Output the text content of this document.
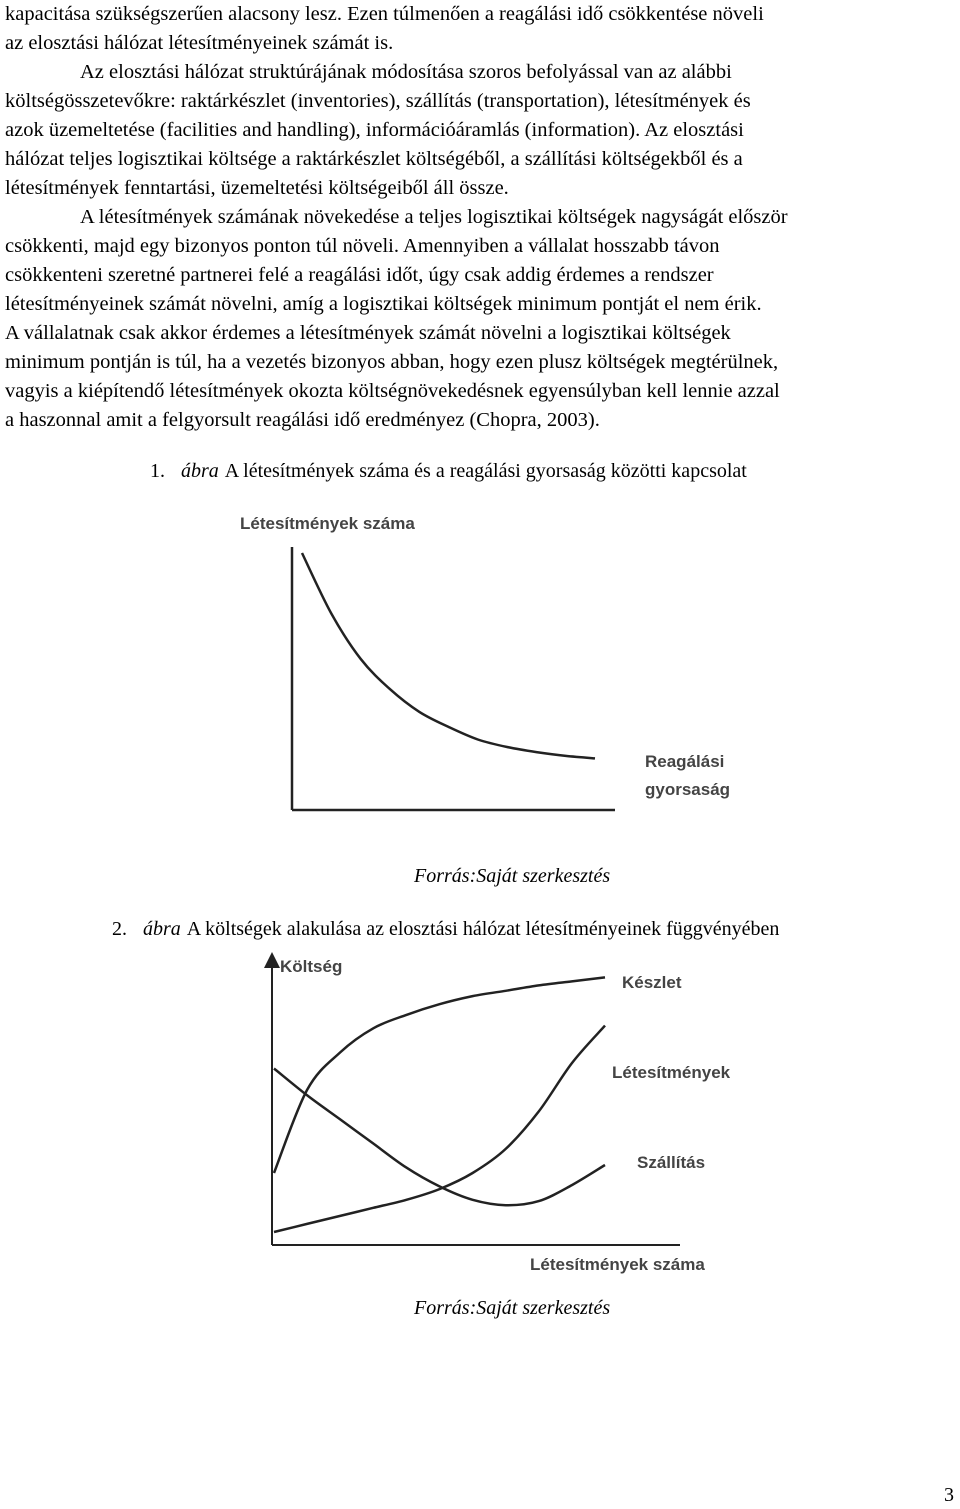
kapacitása szükségszerűen alacsony lesz. Ezen túlmenően a reagálási idő csökkentése növeli
az elosztási hálózat létesítményeinek számát is.
Az elosztási hálózat struktúrájának módosítása szoros befolyással van az alábbi
költségösszetevőkre: raktárkészlet (inventories), szállítás (transportation), létesítmények és
azok üzemeltetése (facilities and handling), információáramlás (information). Az elosztási
hálózat teljes logisztikai költsége a raktárkészlet költségéből, a szállítási költségekből és a
létesítmények fenntartási, üzemeltetési költségeiből áll össze.
A létesítmények számának növekedése a teljes logisztikai költségek nagyságát először
csökkenti, majd egy bizonyos ponton túl növeli. Amennyiben a vállalat hosszabb távon
csökkenteni szeretné partnerei felé a reagálási időt, úgy csak addig érdemes a rendszer
létesítményeinek számát növelni, amíg a logisztikai költségek minimum pontját el nem érik.
A vállalatnak csak akkor érdemes a létesítmények számát növelni a logisztikai költségek
minimum pontján is túl, ha a vezetés bizonyos abban, hogy ezen plusz költségek megtérülnek,
vagyis a kiépítendő létesítmények okozta költségnövekedésnek egyensúlyban kell lennie azzal
a haszonnal amit a felgyorsult reagálási idő eredményez (Chopra, 2003).
1. ábra A létesítmények száma és a reagálási gyorsaság közötti kapcsolat
Létesítmények száma
Reagálási
gyorsaság
Forrás:Saját szerkesztés
2. ábra A költségek alakulása az elosztási hálózat létesítményeinek függvényében
Költség
Létesítmények száma
Készlet
Létesítmények
Szállítás
Forrás:Saját szerkesztés
3
